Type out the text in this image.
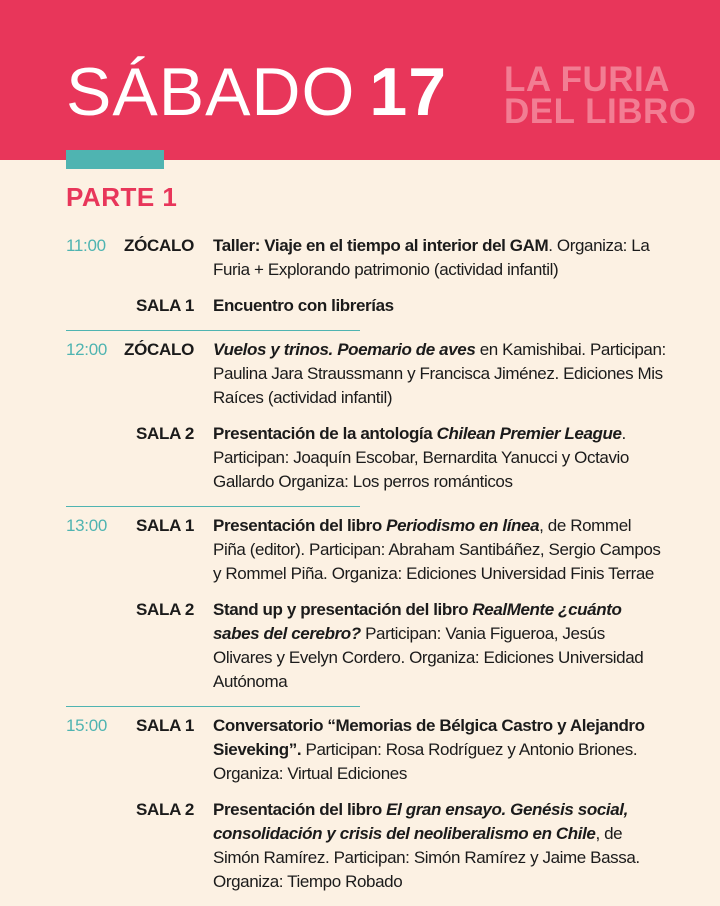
SÁBADO 17 LA FURIA
DEL LIBRO
PARTE 1
11:00	ZÓCALO Taller: Viaje en el tiempo al interior del GAM. Organiza: La Furia + Explorando patrimonio (actividad infantil)
SALA 1 Encuentro con librerías
12:00 ZÓCALO Vuelos y trinos. Poemario de aves en Kamishibai. Participan: Paulina Jara Straussmann y Francisca Jiménez. Ediciones Mis Raíces (actividad infantil)
SALA 2 Presentación de la antología Chilean Premier League. Participan: Joaquín Escobar, Bernardita Yanucci y Octavio Gallardo Organiza: Los perros románticos
13:00	SALA 1 Presentación del libro Periodismo en línea, de Rommel Piña (editor). Participan: Abraham Santibáñez, Sergio Campos y Rommel Piña. Organiza: Ediciones Universidad Finis Terrae
SALA 2 Stand up y presentación del libro RealMente ¿cuánto sabes del cerebro? Participan: Vania Figueroa, Jesús Olivares y Evelyn Cordero. Organiza: Ediciones Universidad Autónoma
15:00	SALA 1 Conversatorio “Memorias de Bélgica Castro y Alejandro Sieveking”. Participan: Rosa Rodríguez y Antonio Briones. Organiza: Virtual Ediciones
SALA 2 Presentación del libro El gran ensayo. Genésis social, consolidación y crisis del neoliberalismo en Chile, de Simón Ramírez. Participan: Simón Ramírez y Jaime Bassa. Organiza: Tiempo Robado
